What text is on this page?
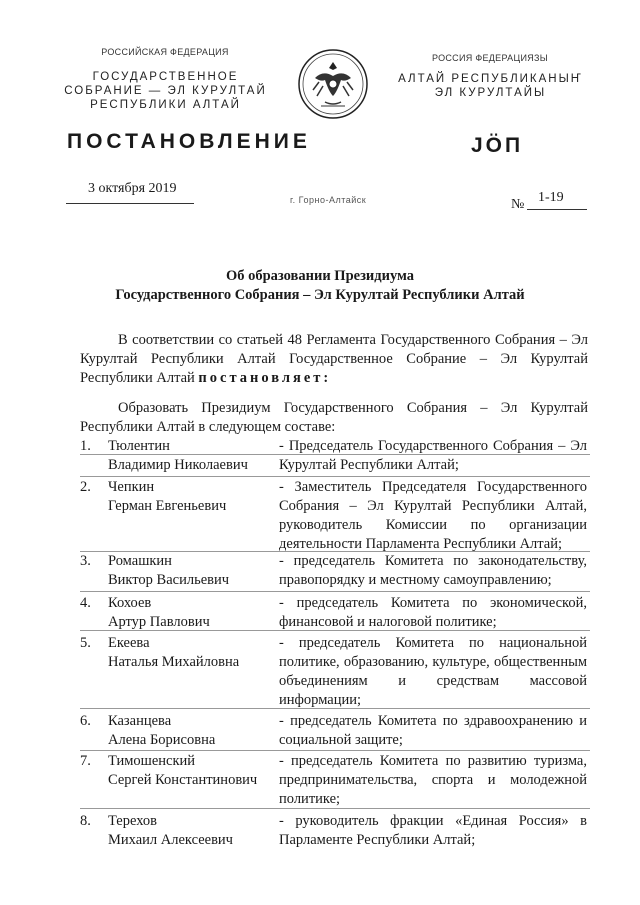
РОССИЙСКАЯ ФЕДЕРАЦИЯ
ГОСУДАРСТВЕННОЕ
СОБРАНИЕ — ЭЛ КУРУЛТАЙ
РЕСПУБЛИКИ АЛТАЙ
РОССИЯ ФЕДЕРАЦИЯЗЫ
АЛТАЙ РЕСПУБЛИКАНЫҤ
ЭЛ КУРУЛТАЙЫ
ПОСТАНОВЛЕНИЕ	ЈӦП
3 октября 2019
г. Горно-Алтайск	№ 1-19
Об образовании Президиума
Государственного Собрания – Эл Курултай Республики Алтай
В соответствии со статьей 48 Регламента Государственного Собрания – Эл Курултай Республики Алтай Государственное Собрание – Эл Курултай Республики Алтай постановляет:
Образовать Президиум Государственного Собрания – Эл Курултай Республики Алтай в следующем составе:
1. Тюлентин
Владимир Николаевич
- Председатель Государственного Собрания – Эл Курултай Республики Алтай;
2. Чепкин
Герман Евгеньевич
- Заместитель Председателя Государственного Собрания – Эл Курултай Республики Алтай, руководитель Комиссии по организации деятельности Парламента Республики Алтай;
3. Ромашкин
Виктор Васильевич
- председатель Комитета по законодательству, правопорядку и местному самоуправлению;
4. Кохоев
Артур Павлович
- председатель Комитета по экономической, финансовой и налоговой политике;
5. Екеева
Наталья Михайловна
- председатель Комитета по национальной политике, образованию, культуре, общественным объединениям и средствам массовой информации;
6. Казанцева
Алена Борисовна
- председатель Комитета по здравоохранению и социальной защите;
7. Тимошенский
Сергей Константинович
- председатель Комитета по развитию туризма, предпринимательства, спорта и молодежной политике;
8. Терехов
Михаил Алексеевич
- руководитель фракции «Единая Россия» в Парламенте Республики Алтай;
